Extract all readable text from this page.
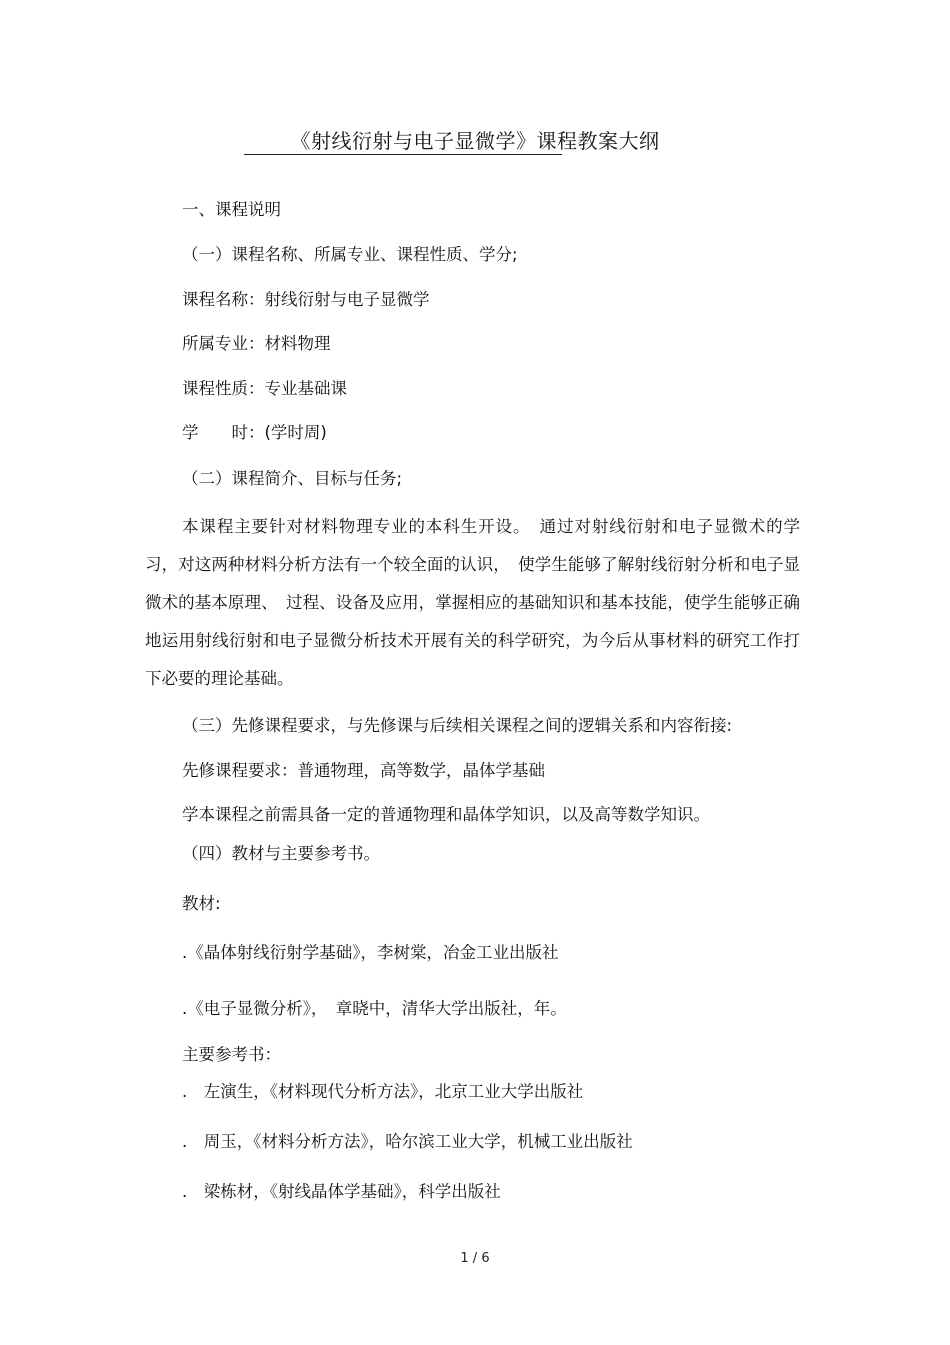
《射线衍射与电子显微学》课程教案大纲
一、课程说明
（一）课程名称、所属专业、课程性质、学分;
课程名称：射线衍射与电子显微学
所属专业：材料物理
课程性质：专业基础课
学　　时：(学时周)
（二）课程简介、目标与任务;
本课程主要针对材料物理专业的本科生开设。　通过对射线衍射和电子显微术的学习，对这两种材料分析方法有一个较全面的认识，　使学生能够了解射线衍射分析和电子显微术的基本原理、　过程、设备及应用，掌握相应的基础知识和基本技能，使学生能够正确地运用射线衍射和电子显微分析技术开展有关的科学研究，为今后从事材料的研究工作打下必要的理论基础。
（三）先修课程要求，与先修课与后续相关课程之间的逻辑关系和内容衔接:
先修课程要求：普通物理，高等数学，晶体学基础
学本课程之前需具备一定的普通物理和晶体学知识，以及高等数学知识。
（四）教材与主要参考书。
教材:
.《晶体射线衍射学基础》，李树棠，冶金工业出版社
.《电子显微分析》，　章晓中，清华大学出版社，年。
主要参考书：
.　左演生，《材料现代分析方法》，北京工业大学出版社
.　周玉，《材料分析方法》，哈尔滨工业大学，机械工业出版社
.　梁栋材，《射线晶体学基础》，科学出版社
1 / 6
